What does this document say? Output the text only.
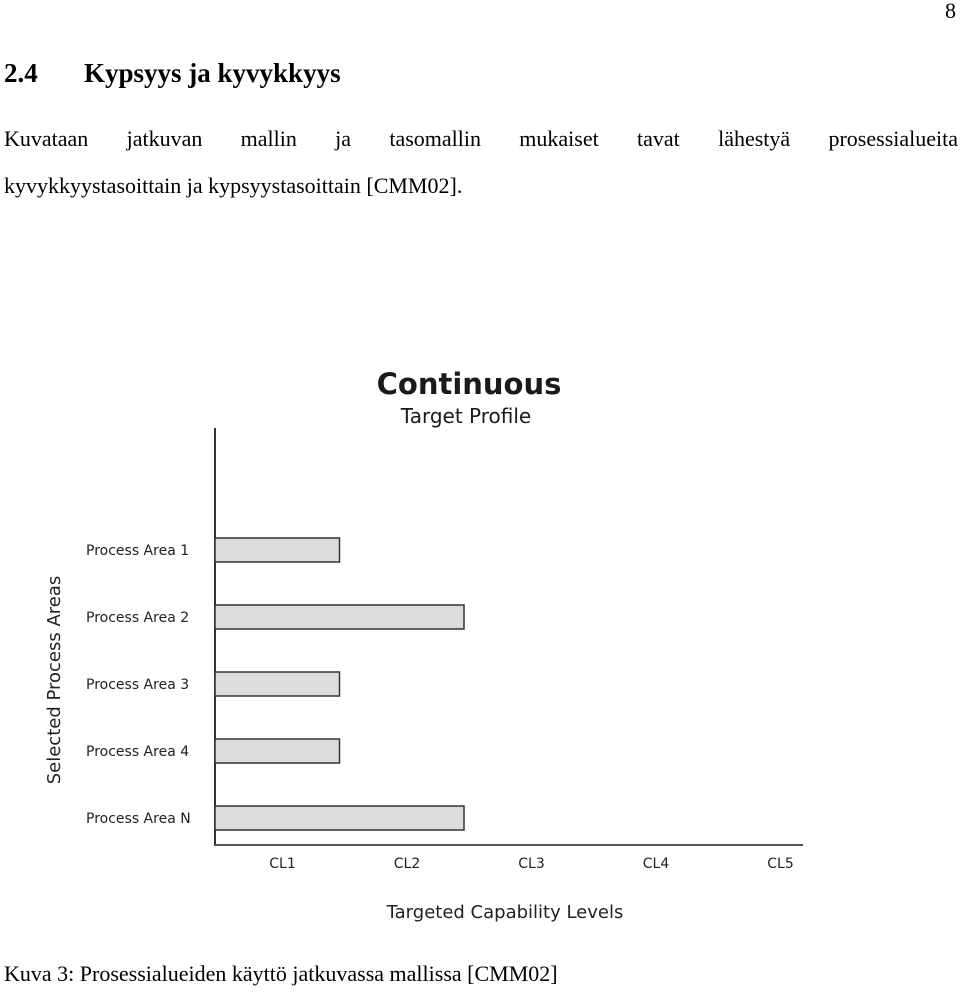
8
2.4 Kypsyys ja kyvykkyys
Kuvataan jatkuvan mallin ja tasomallin mukaiset tavat lähestyä prosessialueita
kyvykkyystasoittain ja kypsyystasoittain [CMM02].
Continuous
Target Profile
Process Area 1
Process Area 2
Process Area 3
Process Area 4
Process Area N
CL1	CL2	CL3	CL4	CL5
Targeted Capability Levels
Selected Process Areas
Kuva 3: Prosessialueiden käyttö jatkuvassa mallissa [CMM02]
